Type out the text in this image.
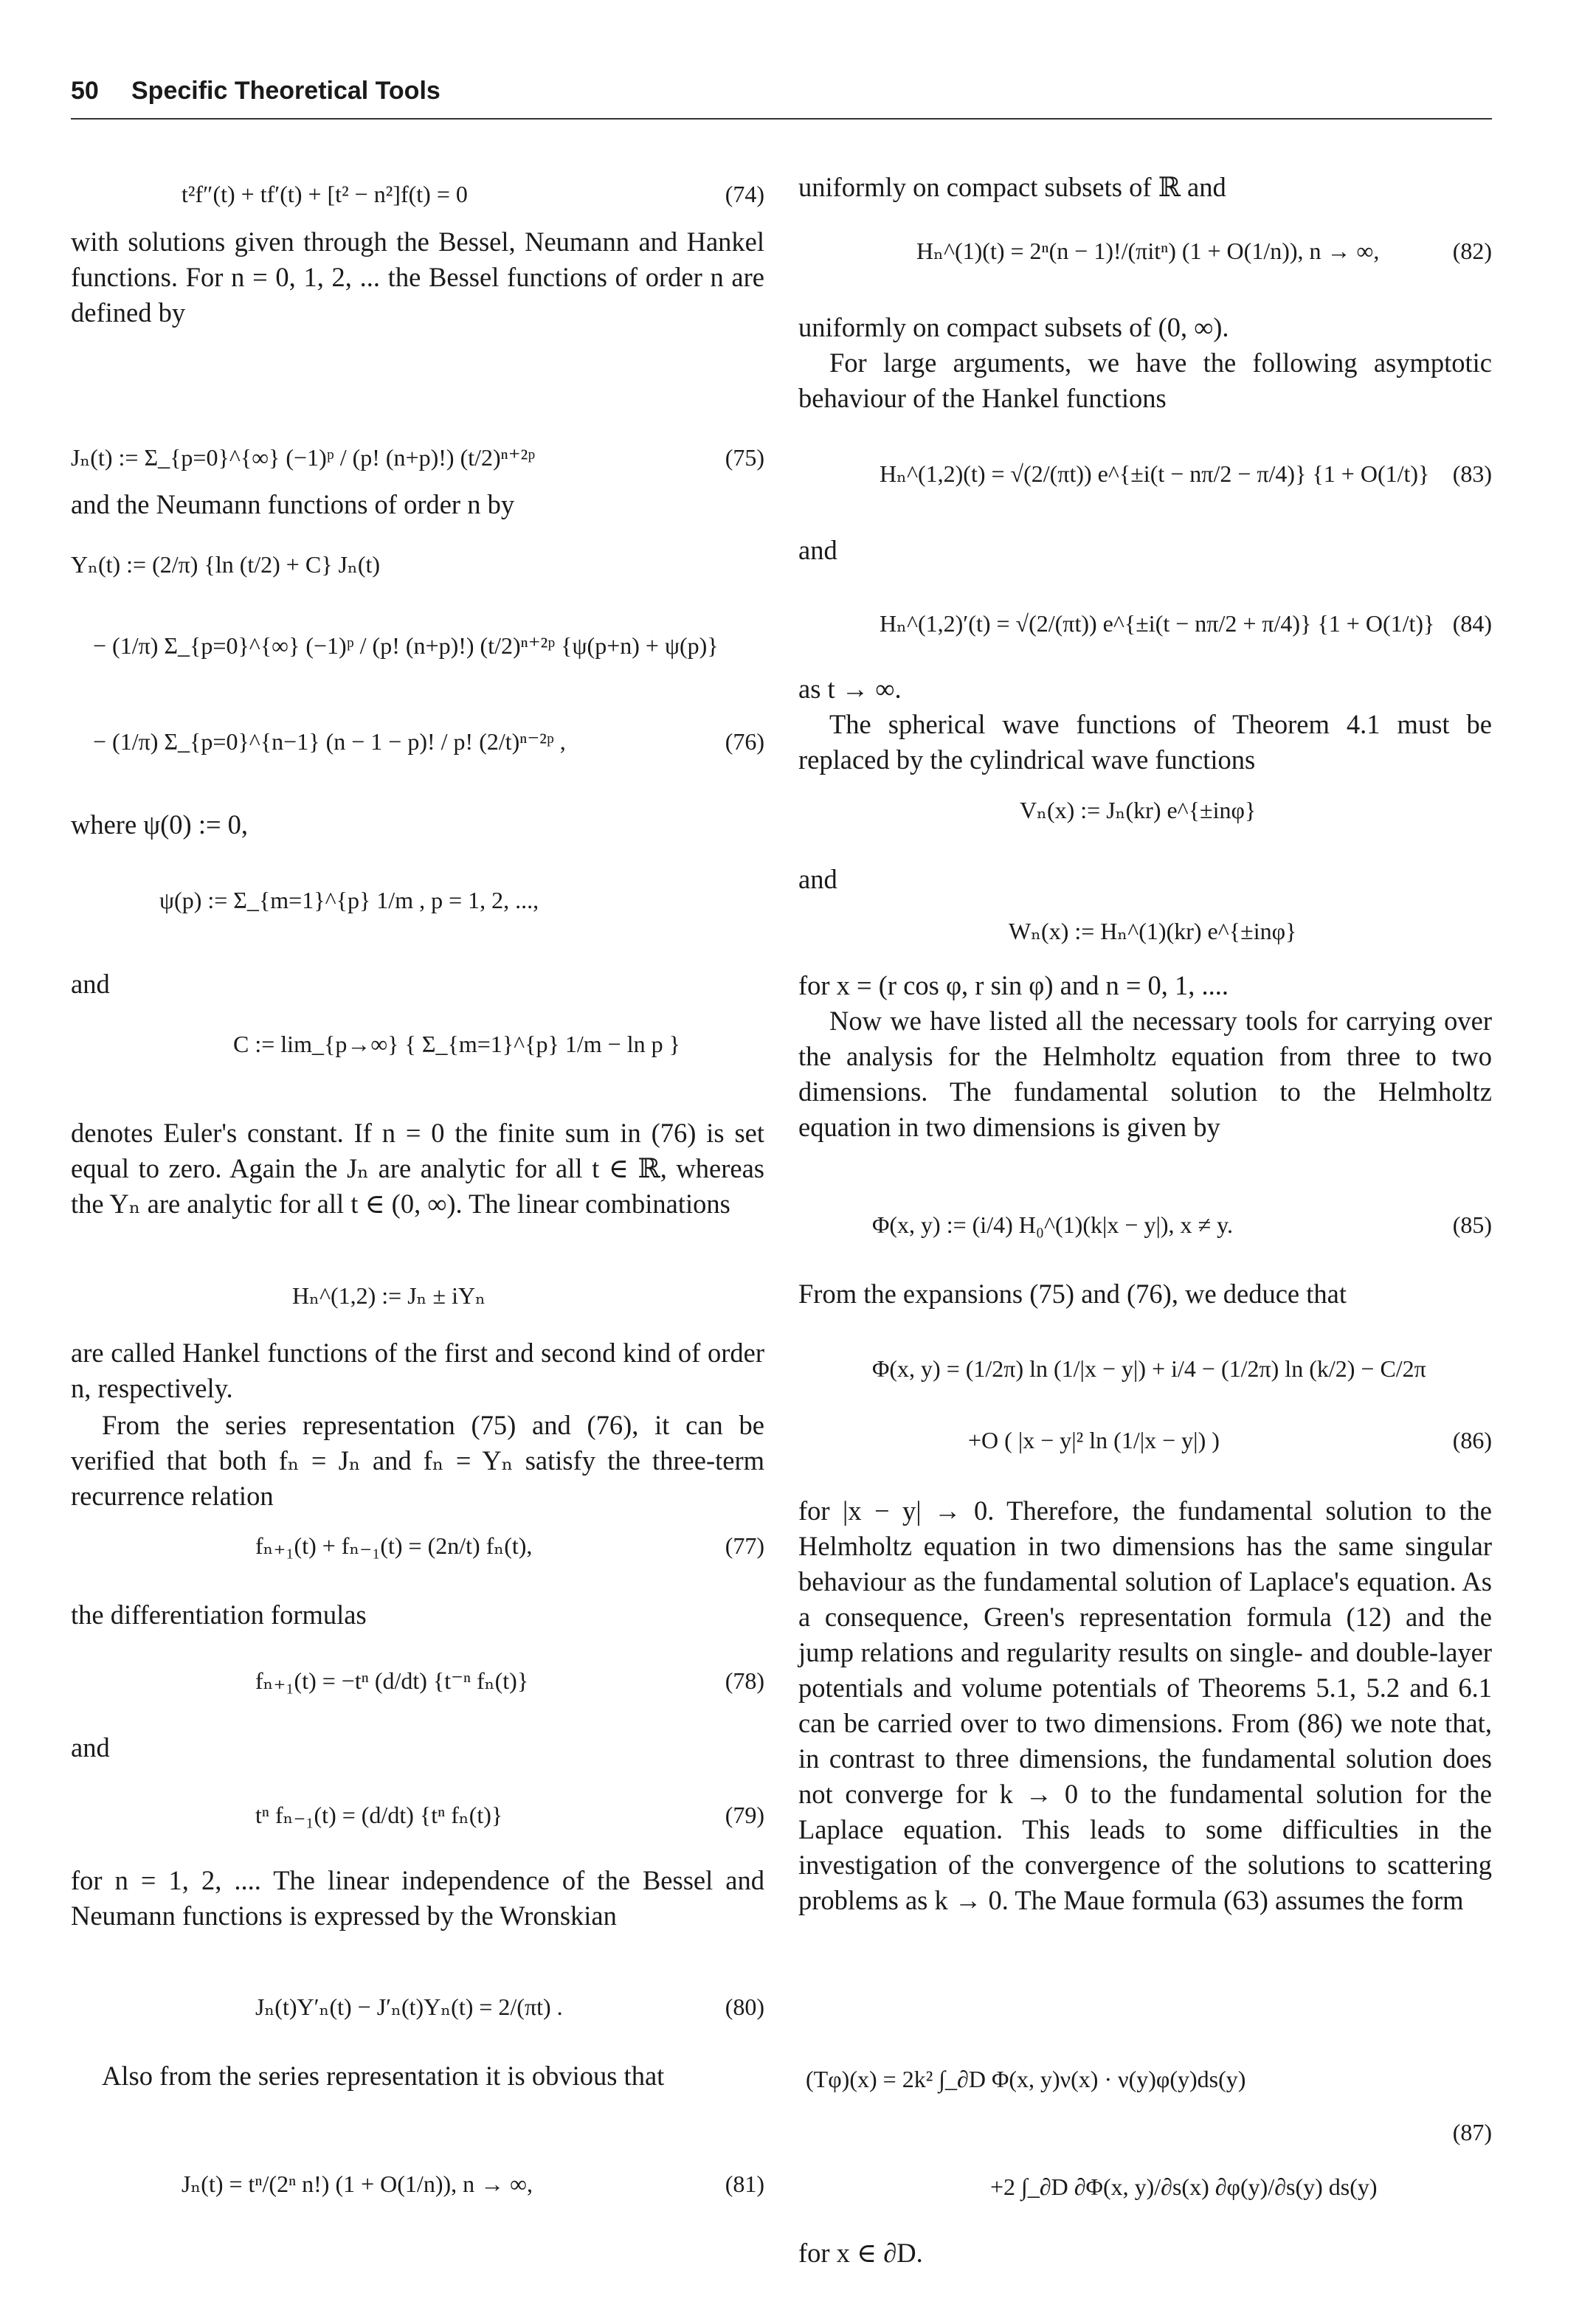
50 Specific Theoretical Tools
t²f″(t) + tf′(t) + [t² − n²]f(t) = 0	(74)
with solutions given through the Bessel, Neumann and Hankel functions. For n = 0, 1, 2, ... the Bessel functions of order n are defined by
Jₙ(t) := Σ_{p=0}^{∞} (−1)ᵖ / (p! (n+p)!) (t/2)ⁿ⁺²ᵖ	(75)
and the Neumann functions of order n by
Yₙ(t) := (2/π) {ln (t/2) + C} Jₙ(t)
− (1/π) Σ_{p=0}^{∞} (−1)ᵖ / (p! (n+p)!) (t/2)ⁿ⁺²ᵖ {ψ(p+n) + ψ(p)}
− (1/π) Σ_{p=0}^{n−1} (n − 1 − p)! / p! (2/t)ⁿ⁻²ᵖ ,	(76)
where ψ(0) := 0,
ψ(p) := Σ_{m=1}^{p} 1/m , p = 1, 2, ...,
and
C := lim_{p→∞} { Σ_{m=1}^{p} 1/m − ln p }
denotes Euler's constant. If n = 0 the finite sum in (76) is set equal to zero. Again the Jₙ are analytic for all t ∈ ℝ, whereas the Yₙ are analytic for all t ∈ (0, ∞). The linear combinations
Hₙ^(1,2) := Jₙ ± iYₙ
are called Hankel functions of the first and second kind of order n, respectively.
From the series representation (75) and (76), it can be verified that both fₙ = Jₙ and fₙ = Yₙ satisfy the three-term recurrence relation
fₙ₊₁(t) + fₙ₋₁(t) = (2n/t) fₙ(t),	(77)
the differentiation formulas
fₙ₊₁(t) = −tⁿ (d/dt) {t⁻ⁿ fₙ(t)}	(78)
and
tⁿ fₙ₋₁(t) = (d/dt) {tⁿ fₙ(t)}	(79)
for n = 1, 2, .... The linear independence of the Bessel and Neumann functions is expressed by the Wronskian
Jₙ(t)Y′ₙ(t) − J′ₙ(t)Yₙ(t) = 2/(πt) .	(80)
Also from the series representation it is obvious that
Jₙ(t) = tⁿ/(2ⁿ n!) (1 + O(1/n)), n → ∞,	(81)
uniformly on compact subsets of ℝ and
Hₙ^(1)(t) = 2ⁿ(n − 1)!/(πitⁿ) (1 + O(1/n)), n → ∞,	(82)
uniformly on compact subsets of (0, ∞).
For large arguments, we have the following asymptotic behaviour of the Hankel functions
Hₙ^(1,2)(t) = √(2/(πt)) e^{±i(t − nπ/2 − π/4)} {1 + O(1/t)} (83)
and
Hₙ^(1,2)′(t) = √(2/(πt)) e^{±i(t − nπ/2 + π/4)} {1 + O(1/t)} (84)
as t → ∞.
The spherical wave functions of Theorem 4.1 must be replaced by the cylindrical wave functions
Vₙ(x) := Jₙ(kr) e^{±inφ}
and
Wₙ(x) := Hₙ^(1)(kr) e^{±inφ}
for x = (r cos φ, r sin φ) and n = 0, 1, ....
Now we have listed all the necessary tools for carrying over the analysis for the Helmholtz equation from three to two dimensions. The fundamental solution to the Helmholtz equation in two dimensions is given by
Φ(x, y) := (i/4) H₀^(1)(k|x − y|), x ≠ y.	(85)
From the expansions (75) and (76), we deduce that
Φ(x, y) = (1/2π) ln (1/|x − y|) + i/4 − (1/2π) ln (k/2) − C/2π
+O ( |x − y|² ln (1/|x − y|) )	(86)
for |x − y| → 0. Therefore, the fundamental solution to the Helmholtz equation in two dimensions has the same singular behaviour as the fundamental solution of Laplace's equation. As a consequence, Green's representation formula (12) and the jump relations and regularity results on single- and double-layer potentials and volume potentials of Theorems 5.1, 5.2 and 6.1 can be carried over to two dimensions. From (86) we note that, in contrast to three dimensions, the fundamental solution does not converge for k → 0 to the fundamental solution for the Laplace equation. This leads to some difficulties in the investigation of the convergence of the solutions to scattering problems as k → 0. The Maue formula (63) assumes the form
(Tφ)(x) = 2k² ∫_∂D Φ(x, y)ν(x) · ν(y)φ(y)ds(y)
(87)
+2 ∫_∂D ∂Φ(x, y)/∂s(x) ∂φ(y)/∂s(y) ds(y)
for x ∈ ∂D.
